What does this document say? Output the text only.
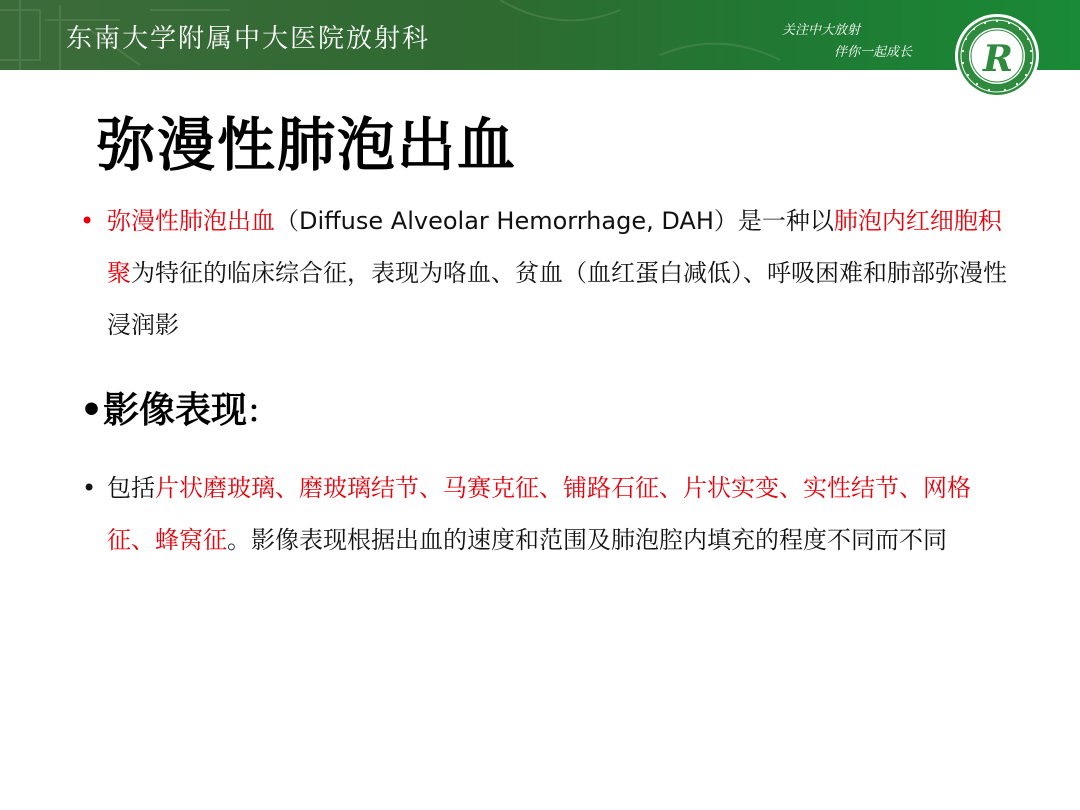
东南大学附属中大医院放射科	关注中大放射
伴你一起成长 R
弥漫性肺泡出血
• 弥漫性肺泡出血（Diffuse Alveolar Hemorrhage, DAH）是一种以肺泡内红细胞积聚为特征的临床综合征，表现为咯血、贫血（血红蛋白减低）、呼吸困难和肺部弥漫性浸润影
•影像表现：
• 包括片状磨玻璃、磨玻璃结节、马赛克征、铺路石征、片状实变、实性结节、网格征、蜂窝征。影像表现根据出血的速度和范围及肺泡腔内填充的程度不同而不同
